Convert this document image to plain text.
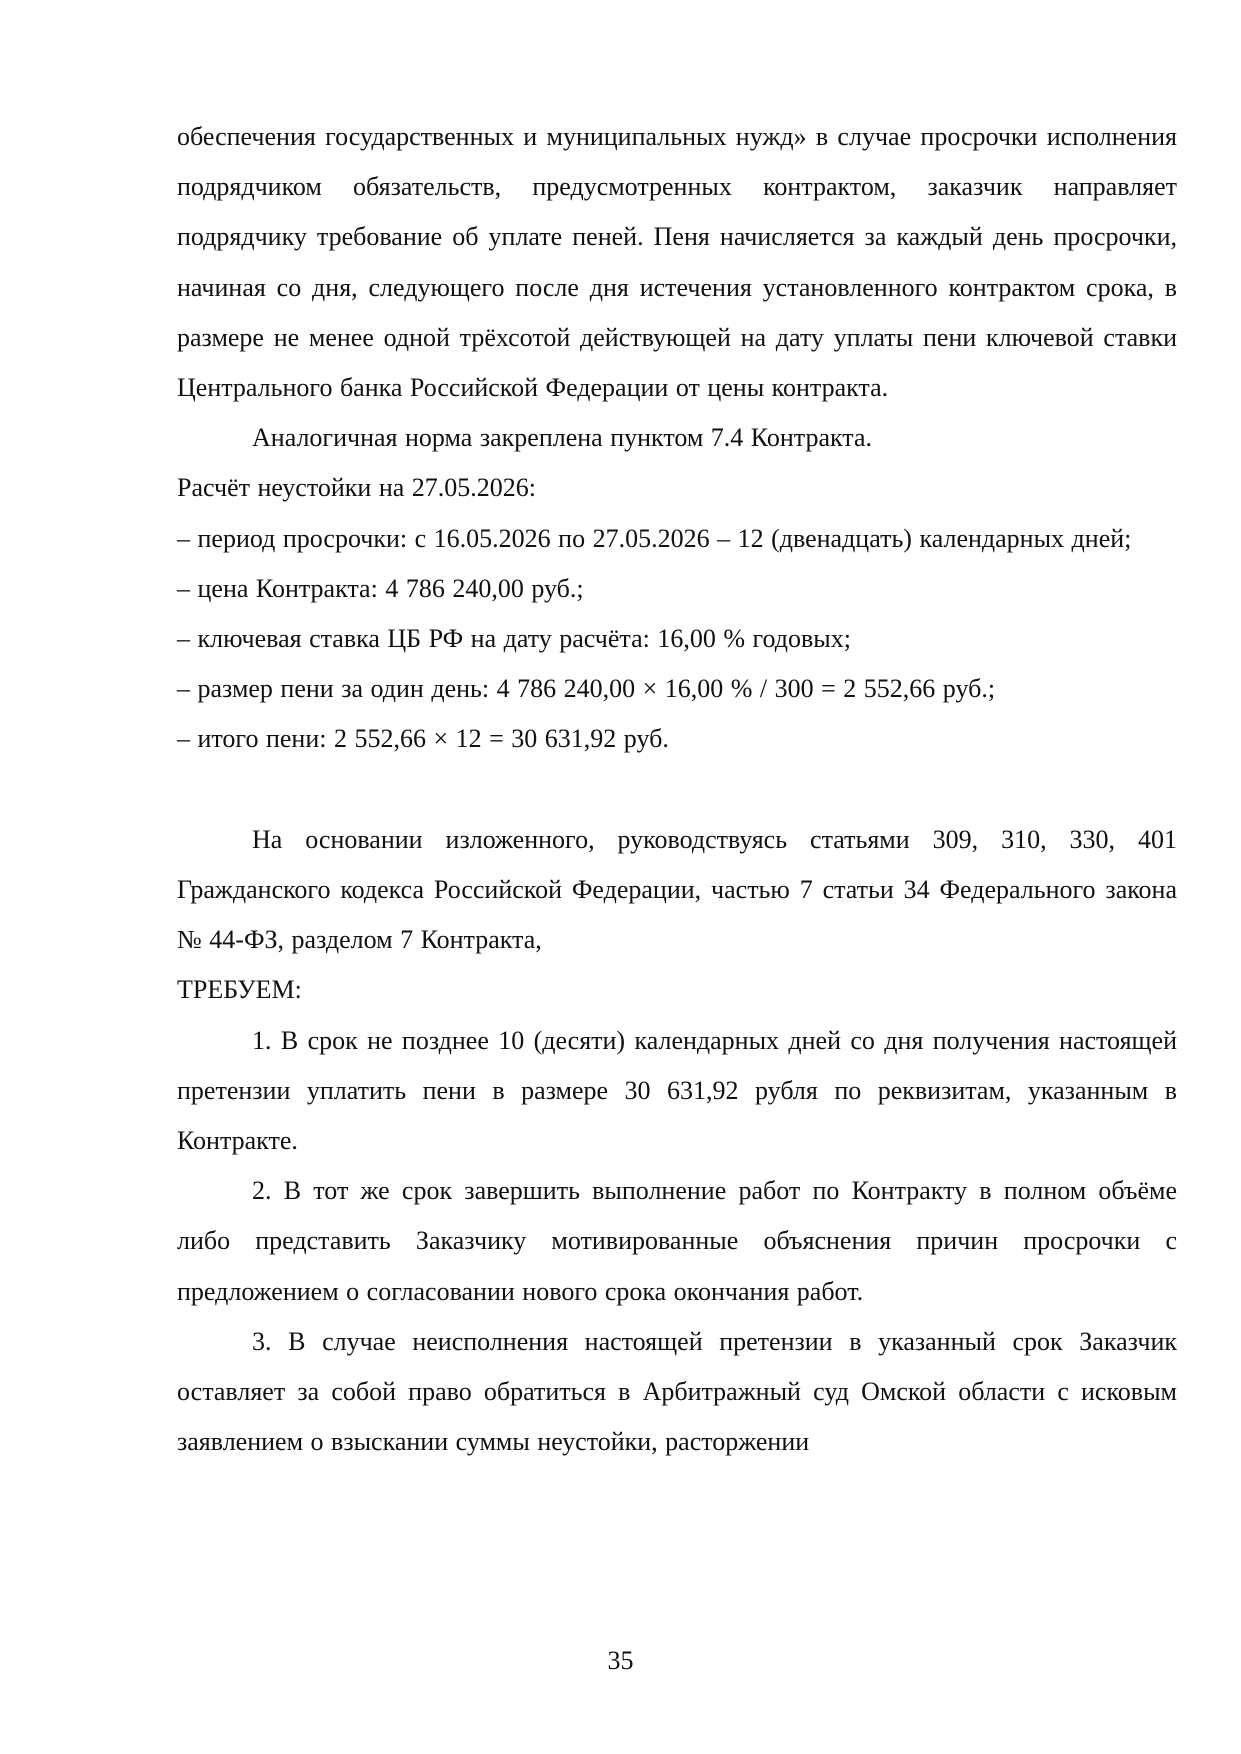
обеспечения государственных и муниципальных нужд» в случае просрочки исполнения подрядчиком обязательств, предусмотренных контрактом, заказчик направляет подрядчику требование об уплате пеней. Пеня начисляется за каждый день просрочки, начиная со дня, следующего после дня истечения установленного контрактом срока, в размере не менее одной трёхсотой действующей на дату уплаты пени ключевой ставки Центрального банка Российской Федерации от цены контракта.

Аналогичная норма закреплена пунктом 7.4 Контракта.

Расчёт неустойки на 27.05.2026:

– период просрочки: с 16.05.2026 по 27.05.2026 – 12 (двенадцать) календарных дней;

– цена Контракта: 4 786 240,00 руб.;

– ключевая ставка ЦБ РФ на дату расчёта: 16,00 % годовых;

– размер пени за один день: 4 786 240,00 × 16,00 % / 300 = 2 552,66 руб.;

– итого пени: 2 552,66 × 12 = 30 631,92 руб.

На основании изложенного, руководствуясь статьями 309, 310, 330, 401 Гражданского кодекса Российской Федерации, частью 7 статьи 34 Федерального закона № 44-ФЗ, разделом 7 Контракта,

ТРЕБУЕМ:

1. В срок не позднее 10 (десяти) календарных дней со дня получения настоящей претензии уплатить пени в размере 30 631,92 рубля по реквизитам, указанным в Контракте.

2. В тот же срок завершить выполнение работ по Контракту в полном объёме либо представить Заказчику мотивированные объяснения причин просрочки с предложением о согласовании нового срока окончания работ.

3. В случае неисполнения настоящей претензии в указанный срок Заказчик оставляет за собой право обратиться в Арбитражный суд Омской области с исковым заявлением о взыскании суммы неустойки, расторжении

35
